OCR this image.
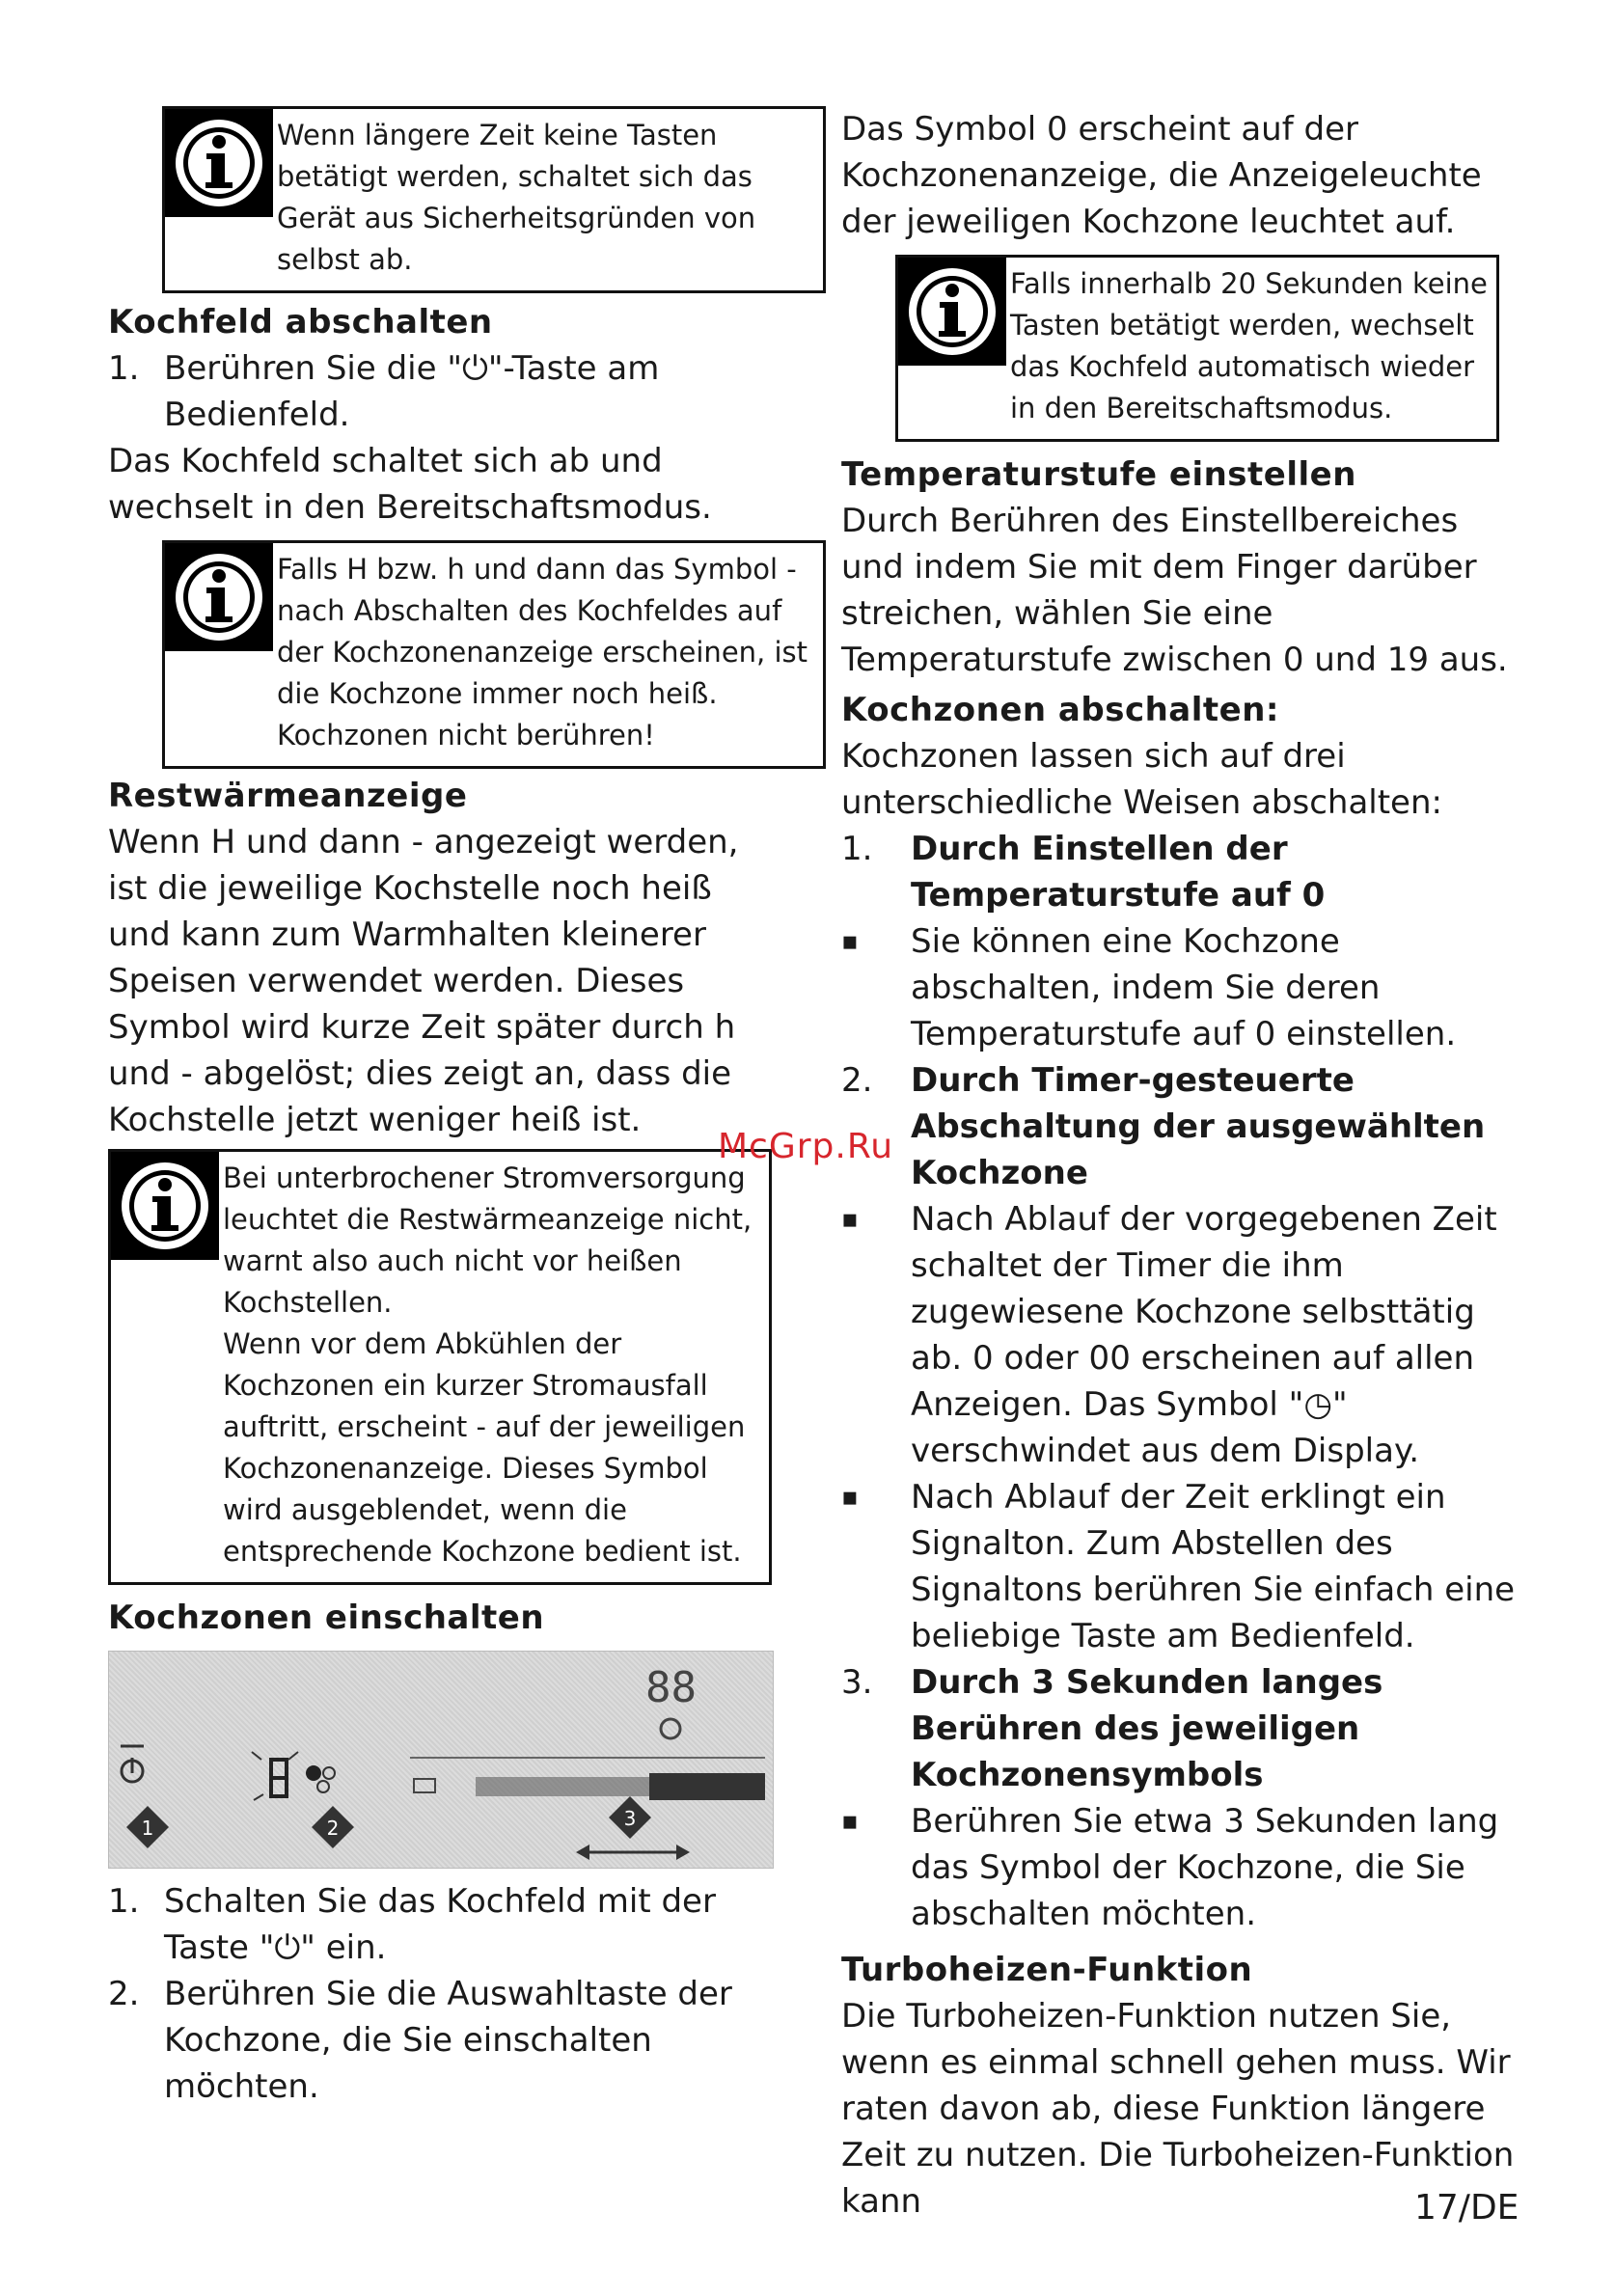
Wenn längere Zeit keine Tasten betätigt werden, schaltet sich das Gerät aus Sicherheitsgründen von selbst ab.
Kochfeld abschalten
1. Berühren Sie die "⏻"-Taste am Bedienfeld.

Das Kochfeld schaltet sich ab und wechselt in den Bereitschaftsmodus.

Falls H bzw. h und dann das Symbol - nach Abschalten des Kochfeldes auf der Kochzonenanzeige erscheinen, ist die Kochzone immer noch heiß. Kochzonen nicht berühren!
Restwärmeanzeige

Wenn H und dann - angezeigt werden, ist die jeweilige Kochstelle noch heiß und kann zum Warmhalten kleinerer Speisen verwendet werden. Dieses Symbol wird kurze Zeit später durch h und - abgelöst; dies zeigt an, dass die Kochstelle jetzt weniger heiß ist.

Bei unterbrochener Stromversorgung leuchtet die Restwärmeanzeige nicht, warnt also auch nicht vor heißen Kochstellen.

Wenn vor dem Abkühlen der Kochzonen ein kurzer Stromausfall auftritt, erscheint - auf der jeweiligen Kochzonenanzeige. Dieses Symbol wird ausgeblendet, wenn die entsprechende Kochzone bedient ist.

Kochzonen einschalten
88
1	2	3
1. Schalten Sie das Kochfeld mit der Taste "⏻" ein.
2. Berühren Sie die Auswahltaste der Kochzone, die Sie einschalten möchten.

Das Symbol 0 erscheint auf der Kochzonenanzeige, die Anzeigeleuchte der jeweiligen Kochzone leuchtet auf.

Falls innerhalb 20 Sekunden keine Tasten betätigt werden, wechselt das Kochfeld automatisch wieder in den Bereitschaftsmodus.
Temperaturstufe einstellen

Durch Berühren des Einstellbereiches und indem Sie mit dem Finger darüber streichen, wählen Sie eine Temperaturstufe zwischen 0 und 19 aus.

Kochzonen abschalten:

Kochzonen lassen sich auf drei unterschiedliche Weisen abschalten:

1.	Durch Einstellen der Temperaturstufe auf 0
▪	Sie können eine Kochzone abschalten, indem Sie deren Temperaturstufe auf 0 einstellen.
2.	Durch Timer-gesteuerte Abschaltung der ausgewählten Kochzone
▪	Nach Ablauf der vorgegebenen Zeit schaltet der Timer die ihm zugewiesene Kochzone selbsttätig ab. 0 oder 00 erscheinen auf allen Anzeigen. Das Symbol "◷" verschwindet aus dem Display.
▪	Nach Ablauf der Zeit erklingt ein Signalton. Zum Abstellen des Signaltons berühren Sie einfach eine beliebige Taste am Bedienfeld.
3.	Durch 3 Sekunden langes Berühren des jeweiligen Kochzonensymbols
▪	Berühren Sie etwa 3 Sekunden lang das Symbol der Kochzone, die Sie abschalten möchten.
Turboheizen-Funktion

Die Turboheizen-Funktion nutzen Sie, wenn es einmal schnell gehen muss. Wir raten davon ab, diese Funktion längere Zeit zu nutzen. Die Turboheizen-Funktion kann

McGrp.Ru
17/DE
